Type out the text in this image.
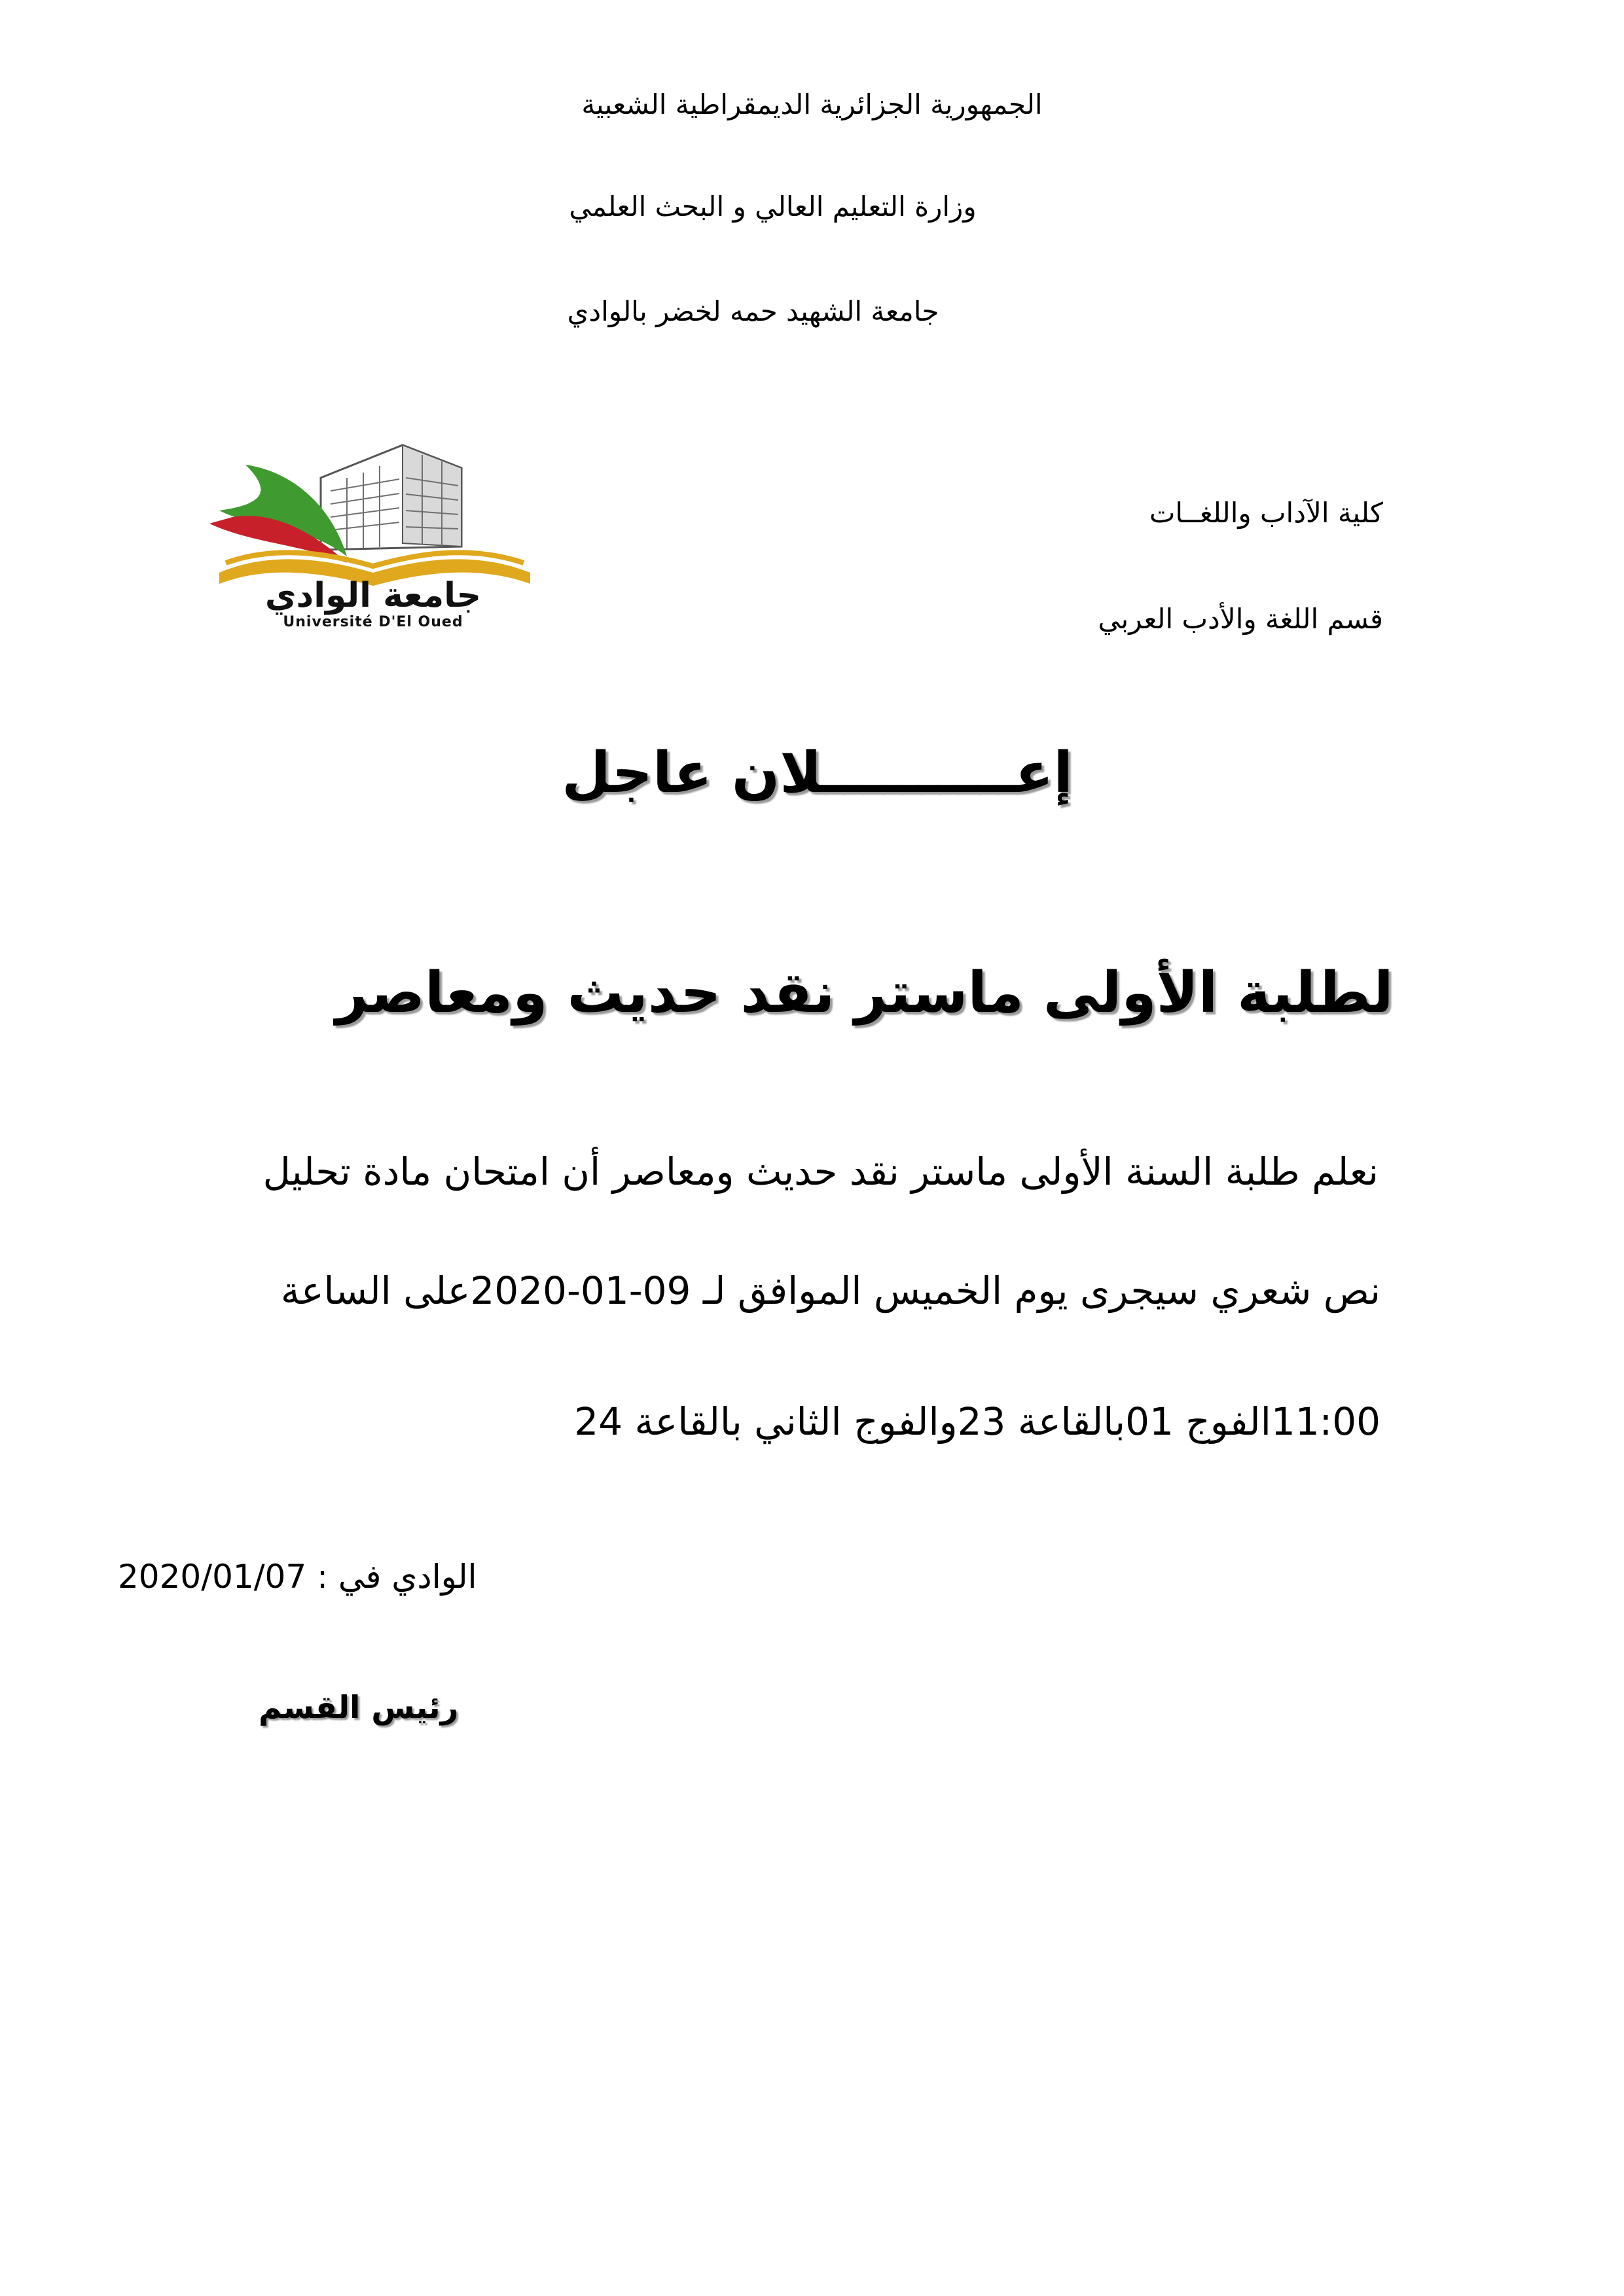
الجمهورية الجزائرية الديمقراطية الشعبية
وزارة التعليم العالي و البحث العلمي
جامعة الشهيد حمه لخضر بالوادي
جامعة الوادي
Université D'El Oued
كلية الآداب واللغــات
قسم اللغة والأدب العربي
إعــــــــــلان عاجل
لطلبة الأولى ماستر نقد حديث ومعاصر
نعلم طلبة السنة الأولى ماستر نقد حديث ومعاصر أن امتحان مادة تحليل
نص شعري سيجرى يوم الخميس الموافق لـ 09-01-2020على الساعة
11:00الفوج 01بالقاعة 23والفوج الثاني بالقاعة 24
الوادي في : 2020/01/07
رئيس القسم
